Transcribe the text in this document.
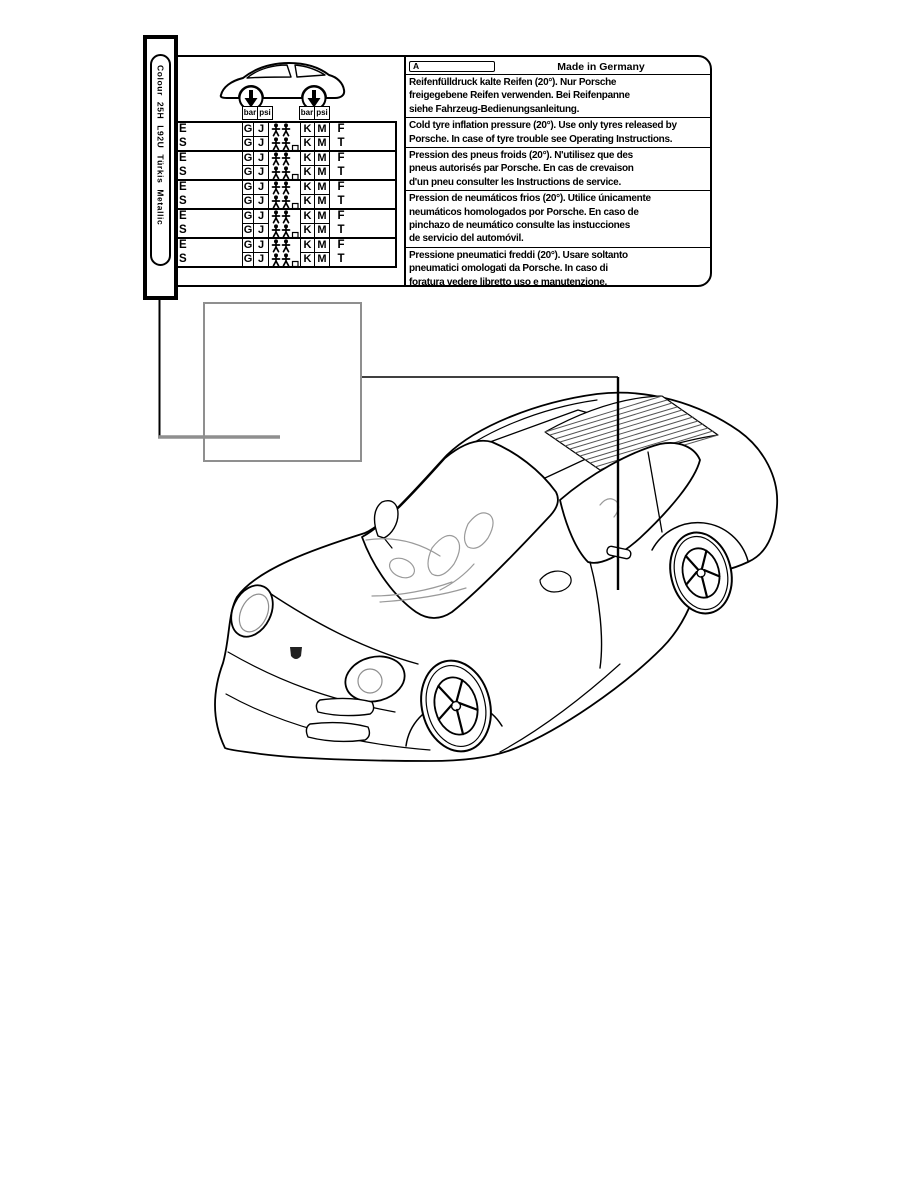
Colour  25H  L92U  Türkis  Metallic	bar psi	bar psi
E	G J	K M F
S	G J	K M T
E	G J	K M F
S	G J	K M T
E	G J	K M F
S	G J	K M T
E	G J	K M F
S	G J	K M T
E	G J	K M F
S	G J	K M T
A	Made in Germany
Reifenfülldruck kalte Reifen (20°). Nur Porsche
freigegebene Reifen verwenden. Bei Reifenpanne
siehe Fahrzeug-Bedienungsanleitung.
Cold tyre inflation pressure (20°). Use only tyres released by
Porsche. In case of tyre trouble see Operating Instructions.
Pression des pneus froids (20°). N'utilisez que des
pneus autorisés par Porsche. En cas de crevaison
d'un pneu consulter les Instructions de service.
Pression de neumáticos frios (20°). Utilice únicamente
neumáticos homologados por Porsche. En caso de
pinchazo de neumático consulte las instucciones
de servicio del automóvil.
Pressione pneumatici freddi (20°). Usare soltanto
pneumatici omologati da Porsche. In caso di
foratura vedere libretto uso e manutenzione.
